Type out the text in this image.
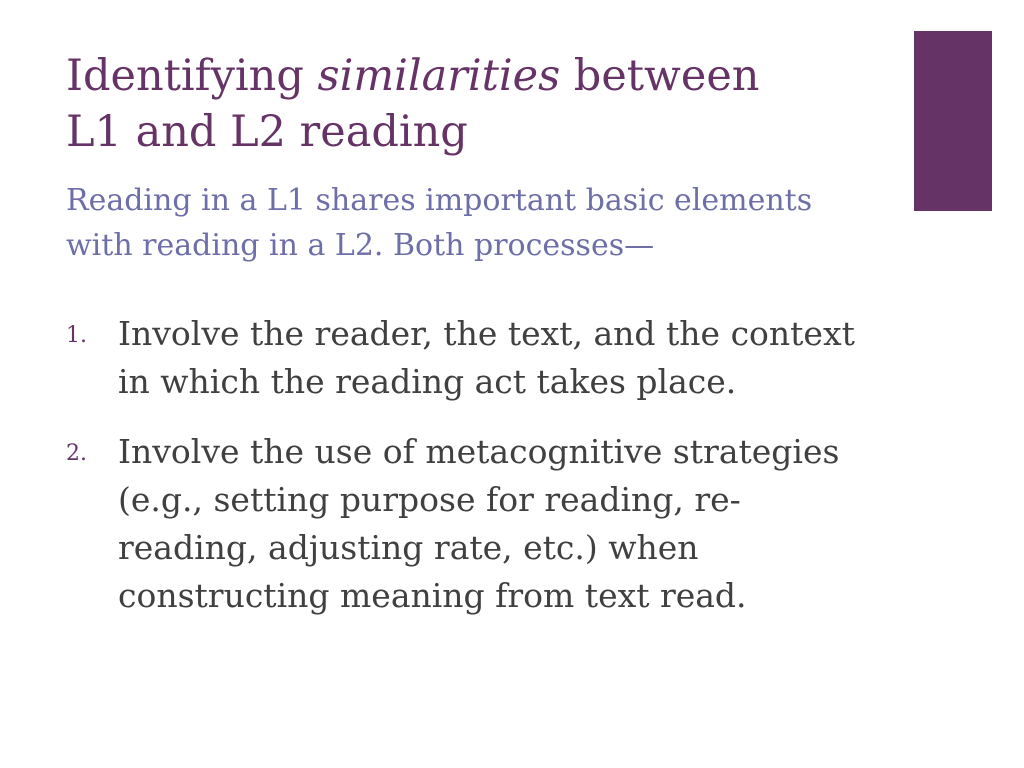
Identifying similarities between
L1 and L2 reading

Reading in a L1 shares important basic elements
with reading in a L2. Both processes—

1. Involve the reader, the text, and the context in which the reading act takes place.
2. Involve the use of metacognitive strategies (e.g., setting purpose for reading, re-reading, adjusting rate, etc.) when constructing meaning from text read.
